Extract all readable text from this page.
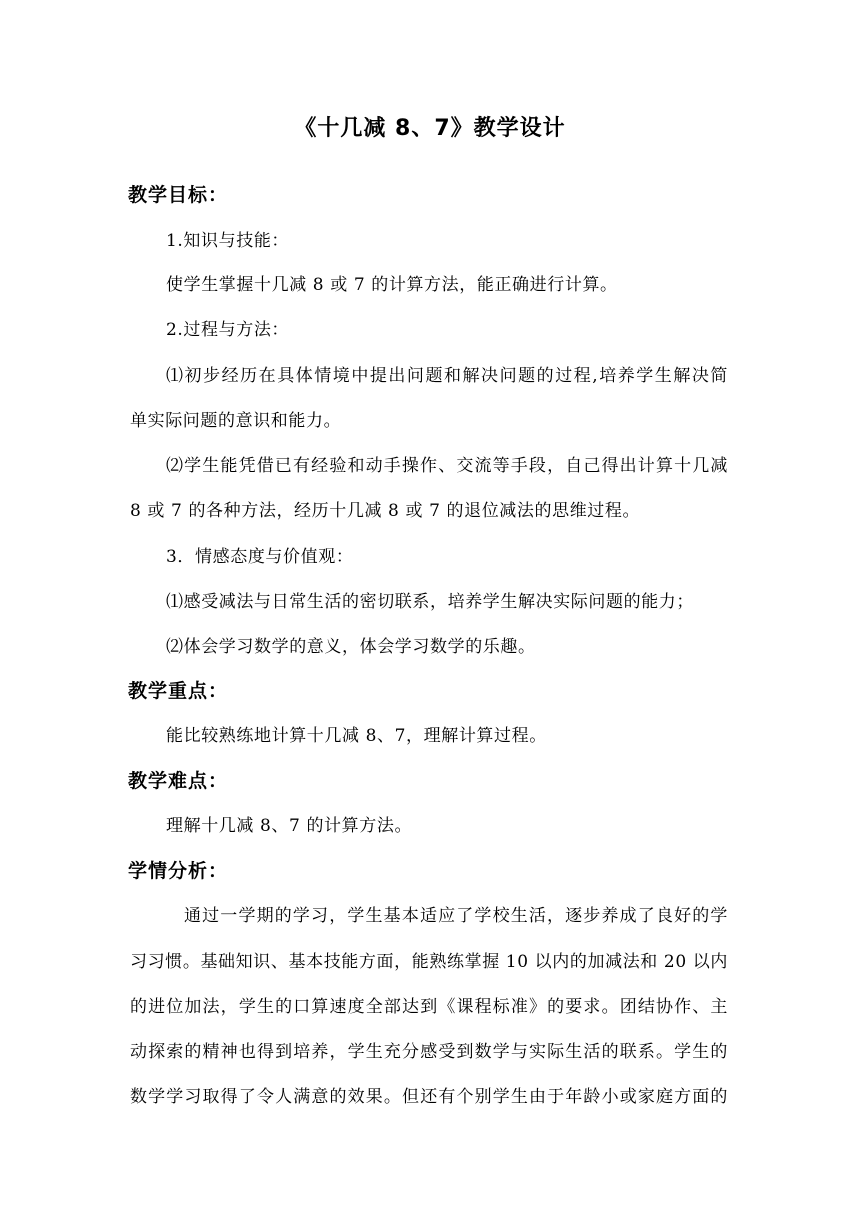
《十几减 8、7》教学设计
教学目标：
1.知识与技能：
使学生掌握十几减 8 或 7 的计算方法，能正确进行计算。
2.过程与方法：
⑴初步经历在具体情境中提出问题和解决问题的过程,培养学生解决简
单实际问题的意识和能力。
⑵学生能凭借已有经验和动手操作、交流等手段，自己得出计算十几减
8 或 7 的各种方法，经历十几减 8 或 7 的退位减法的思维过程。
3．情感态度与价值观：
⑴感受减法与日常生活的密切联系，培养学生解决实际问题的能力；
⑵体会学习数学的意义，体会学习数学的乐趣。
教学重点：
能比较熟练地计算十几减 8、7，理解计算过程。
教学难点：
理解十几减 8、7 的计算方法。
学情分析：
通过一学期的学习，学生基本适应了学校生活，逐步养成了良好的学
习习惯。基础知识、基本技能方面，能熟练掌握 10 以内的加减法和 20 以内
的进位加法，学生的口算速度全部达到《课程标准》的要求。团结协作、主
动探索的精神也得到培养，学生充分感受到数学与实际生活的联系。学生的
数学学习取得了令人满意的效果。但还有个别学生由于年龄小或家庭方面的
